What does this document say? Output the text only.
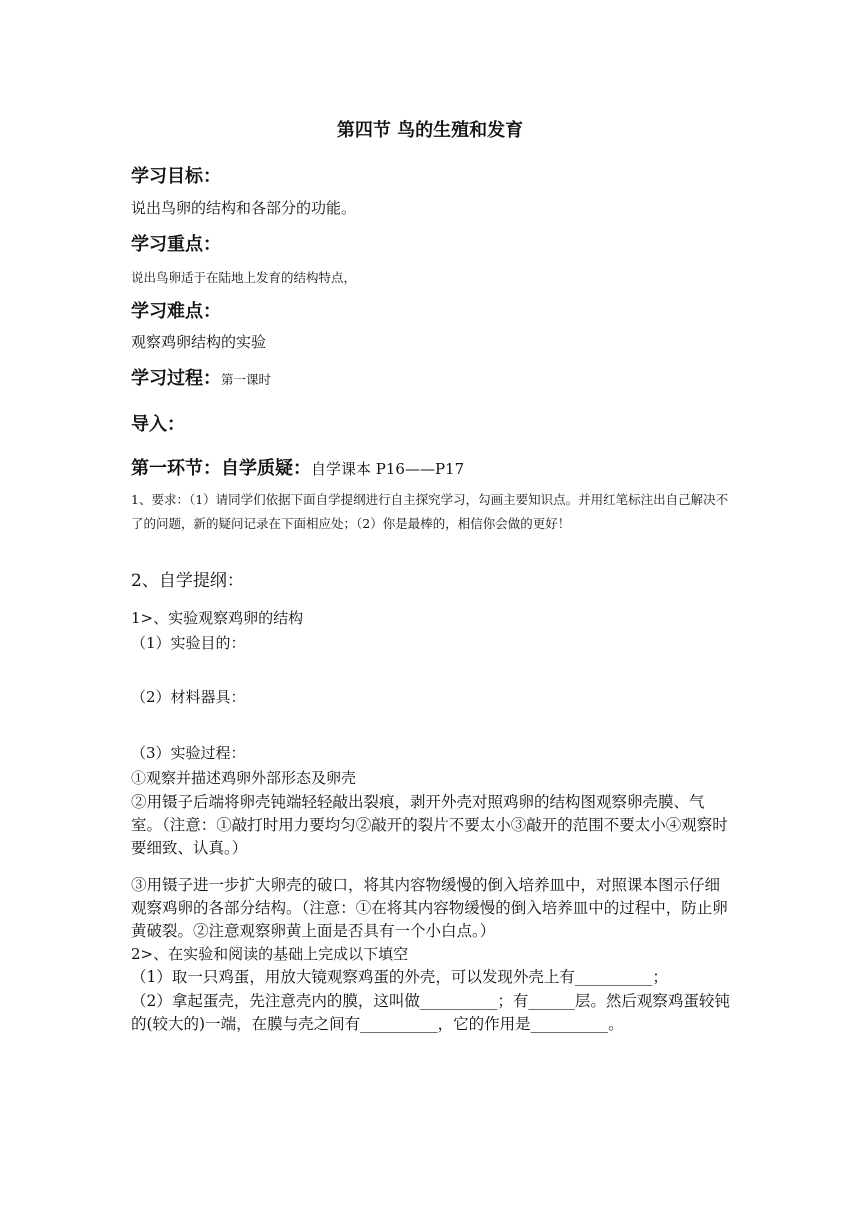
第四节 鸟的生殖和发育
学习目标：
说出鸟卵的结构和各部分的功能。
学习重点：
说出鸟卵适于在陆地上发育的结构特点，
学习难点：
观察鸡卵结构的实验
学习过程：第一课时
导入：
第一环节：自学质疑：自学课本 P16——P17
1、要求：（1）请同学们依据下面自学提纲进行自主探究学习，勾画主要知识点。并用红笔标注出自己解决不了的问题，新的疑问记录在下面相应处；（2）你是最棒的，相信你会做的更好！
2、自学提纲：
1>、实验观察鸡卵的结构
（1）实验目的：
（2）材料器具：
（3）实验过程：
①观察并描述鸡卵外部形态及卵壳
②用镊子后端将卵壳钝端轻轻敲出裂痕，剥开外壳对照鸡卵的结构图观察卵壳膜、气室。（注意：①敲打时用力要均匀②敲开的裂片不要太小③敲开的范围不要太小④观察时要细致、认真。）
③用镊子进一步扩大卵壳的破口，将其内容物缓慢的倒入培养皿中，对照课本图示仔细观察鸡卵的各部分结构。（注意：①在将其内容物缓慢的倒入培养皿中的过程中，防止卵黄破裂。②注意观察卵黄上面是否具有一个小白点。）
2>、在实验和阅读的基础上完成以下填空
（1）取一只鸡蛋，用放大镜观察鸡蛋的外壳，可以发现外壳上有__________；
（2）拿起蛋壳，先注意壳内的膜，这叫做__________；有______层。然后观察鸡蛋较钝的(较大的)一端，在膜与壳之间有__________，它的作用是__________。
